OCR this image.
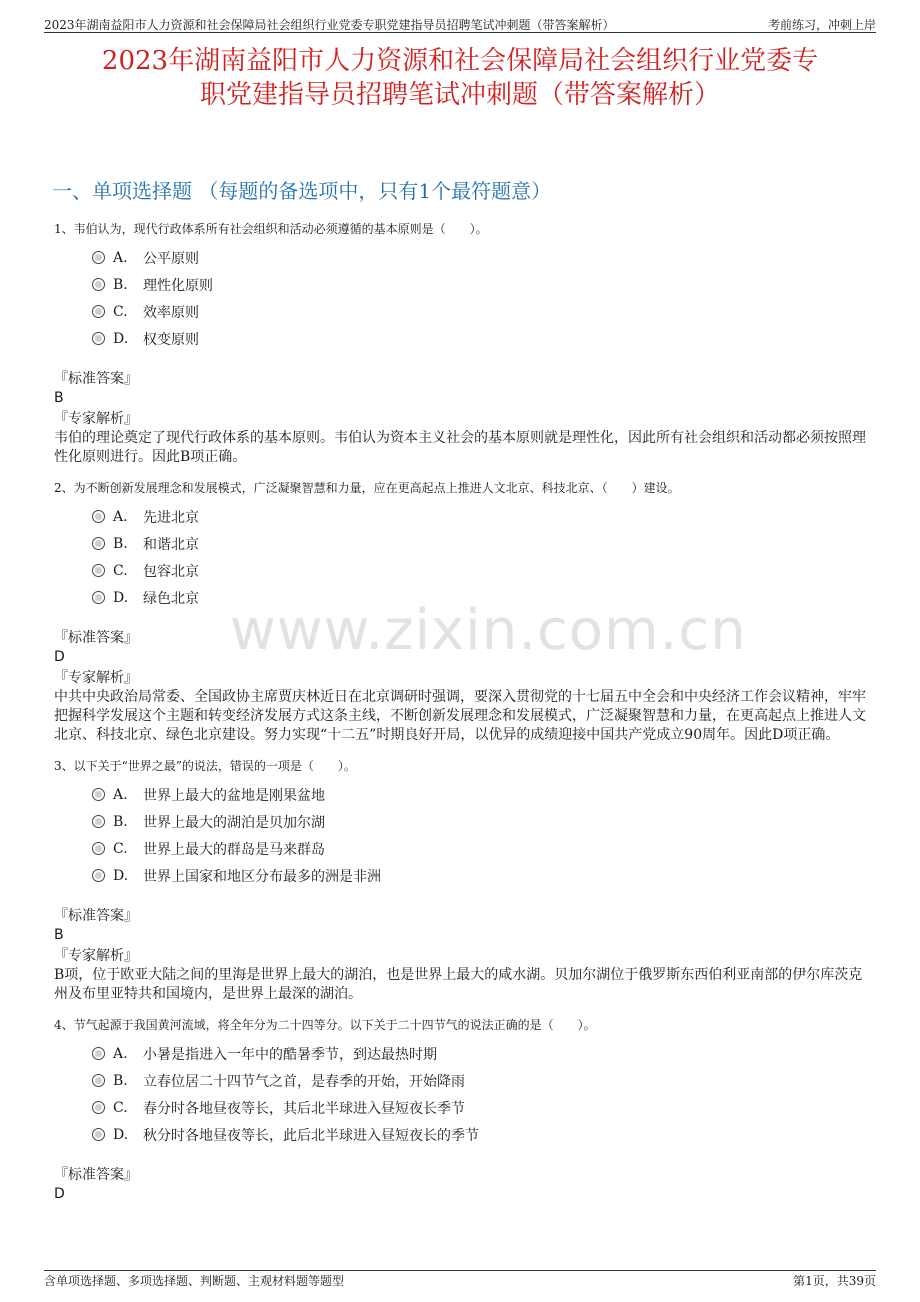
2023年湖南益阳市人力资源和社会保障局社会组织行业党委专职党建指导员招聘笔试冲刺题（带答案解析）	考前练习，冲刺上岸
2023年湖南益阳市人力资源和社会保障局社会组织行业党委专
职党建指导员招聘笔试冲刺题（带答案解析）
一、单项选择题 （每题的备选项中，只有1个最符题意）
www.zixin.com.cn
1、韦伯认为，现代行政体系所有社会组织和活动必须遵循的基本原则是（　　）。
A.	公平原则
B.	理性化原则
C.	效率原则
D.	权变原则
『标准答案』
B
『专家解析』
韦伯的理论奠定了现代行政体系的基本原则。韦伯认为资本主义社会的基本原则就是理性化，因此所有社会组织和活动都必须按照理性化原则进行。因此B项正确。
2、为不断创新发展理念和发展模式，广泛凝聚智慧和力量，应在更高起点上推进人文北京、科技北京、（　　）建设。
A.	先进北京
B.	和谐北京
C.	包容北京
D.	绿色北京
『标准答案』
D
『专家解析』
中共中央政治局常委、全国政协主席贾庆林近日在北京调研时强调，要深入贯彻党的十七届五中全会和中央经济工作会议精神，牢牢把握科学发展这个主题和转变经济发展方式这条主线，不断创新发展理念和发展模式，广泛凝聚智慧和力量，在更高起点上推进人文北京、科技北京、绿色北京建设。努力实现“十二五”时期良好开局，以优异的成绩迎接中国共产党成立90周年。因此D项正确。
3、以下关于“世界之最”的说法，错误的一项是（　　）。
A.	世界上最大的盆地是刚果盆地
B.	世界上最大的湖泊是贝加尔湖
C.	世界上最大的群岛是马来群岛
D.	世界上国家和地区分布最多的洲是非洲
『标准答案』
B
『专家解析』
B项，位于欧亚大陆之间的里海是世界上最大的湖泊，也是世界上最大的咸水湖。贝加尔湖位于俄罗斯东西伯利亚南部的伊尔库茨克州及布里亚特共和国境内，是世界上最深的湖泊。
4、节气起源于我国黄河流域，将全年分为二十四等分。以下关于二十四节气的说法正确的是（　　）。
A.	小暑是指进入一年中的酷暑季节，到达最热时期
B.	立春位居二十四节气之首，是春季的开始，开始降雨
C.	春分时各地昼夜等长，其后北半球进入昼短夜长季节
D.	秋分时各地昼夜等长，此后北半球进入昼短夜长的季节
『标准答案』
D
含单项选择题、多项选择题、判断题、主观材料题等题型	第1页，共39页
